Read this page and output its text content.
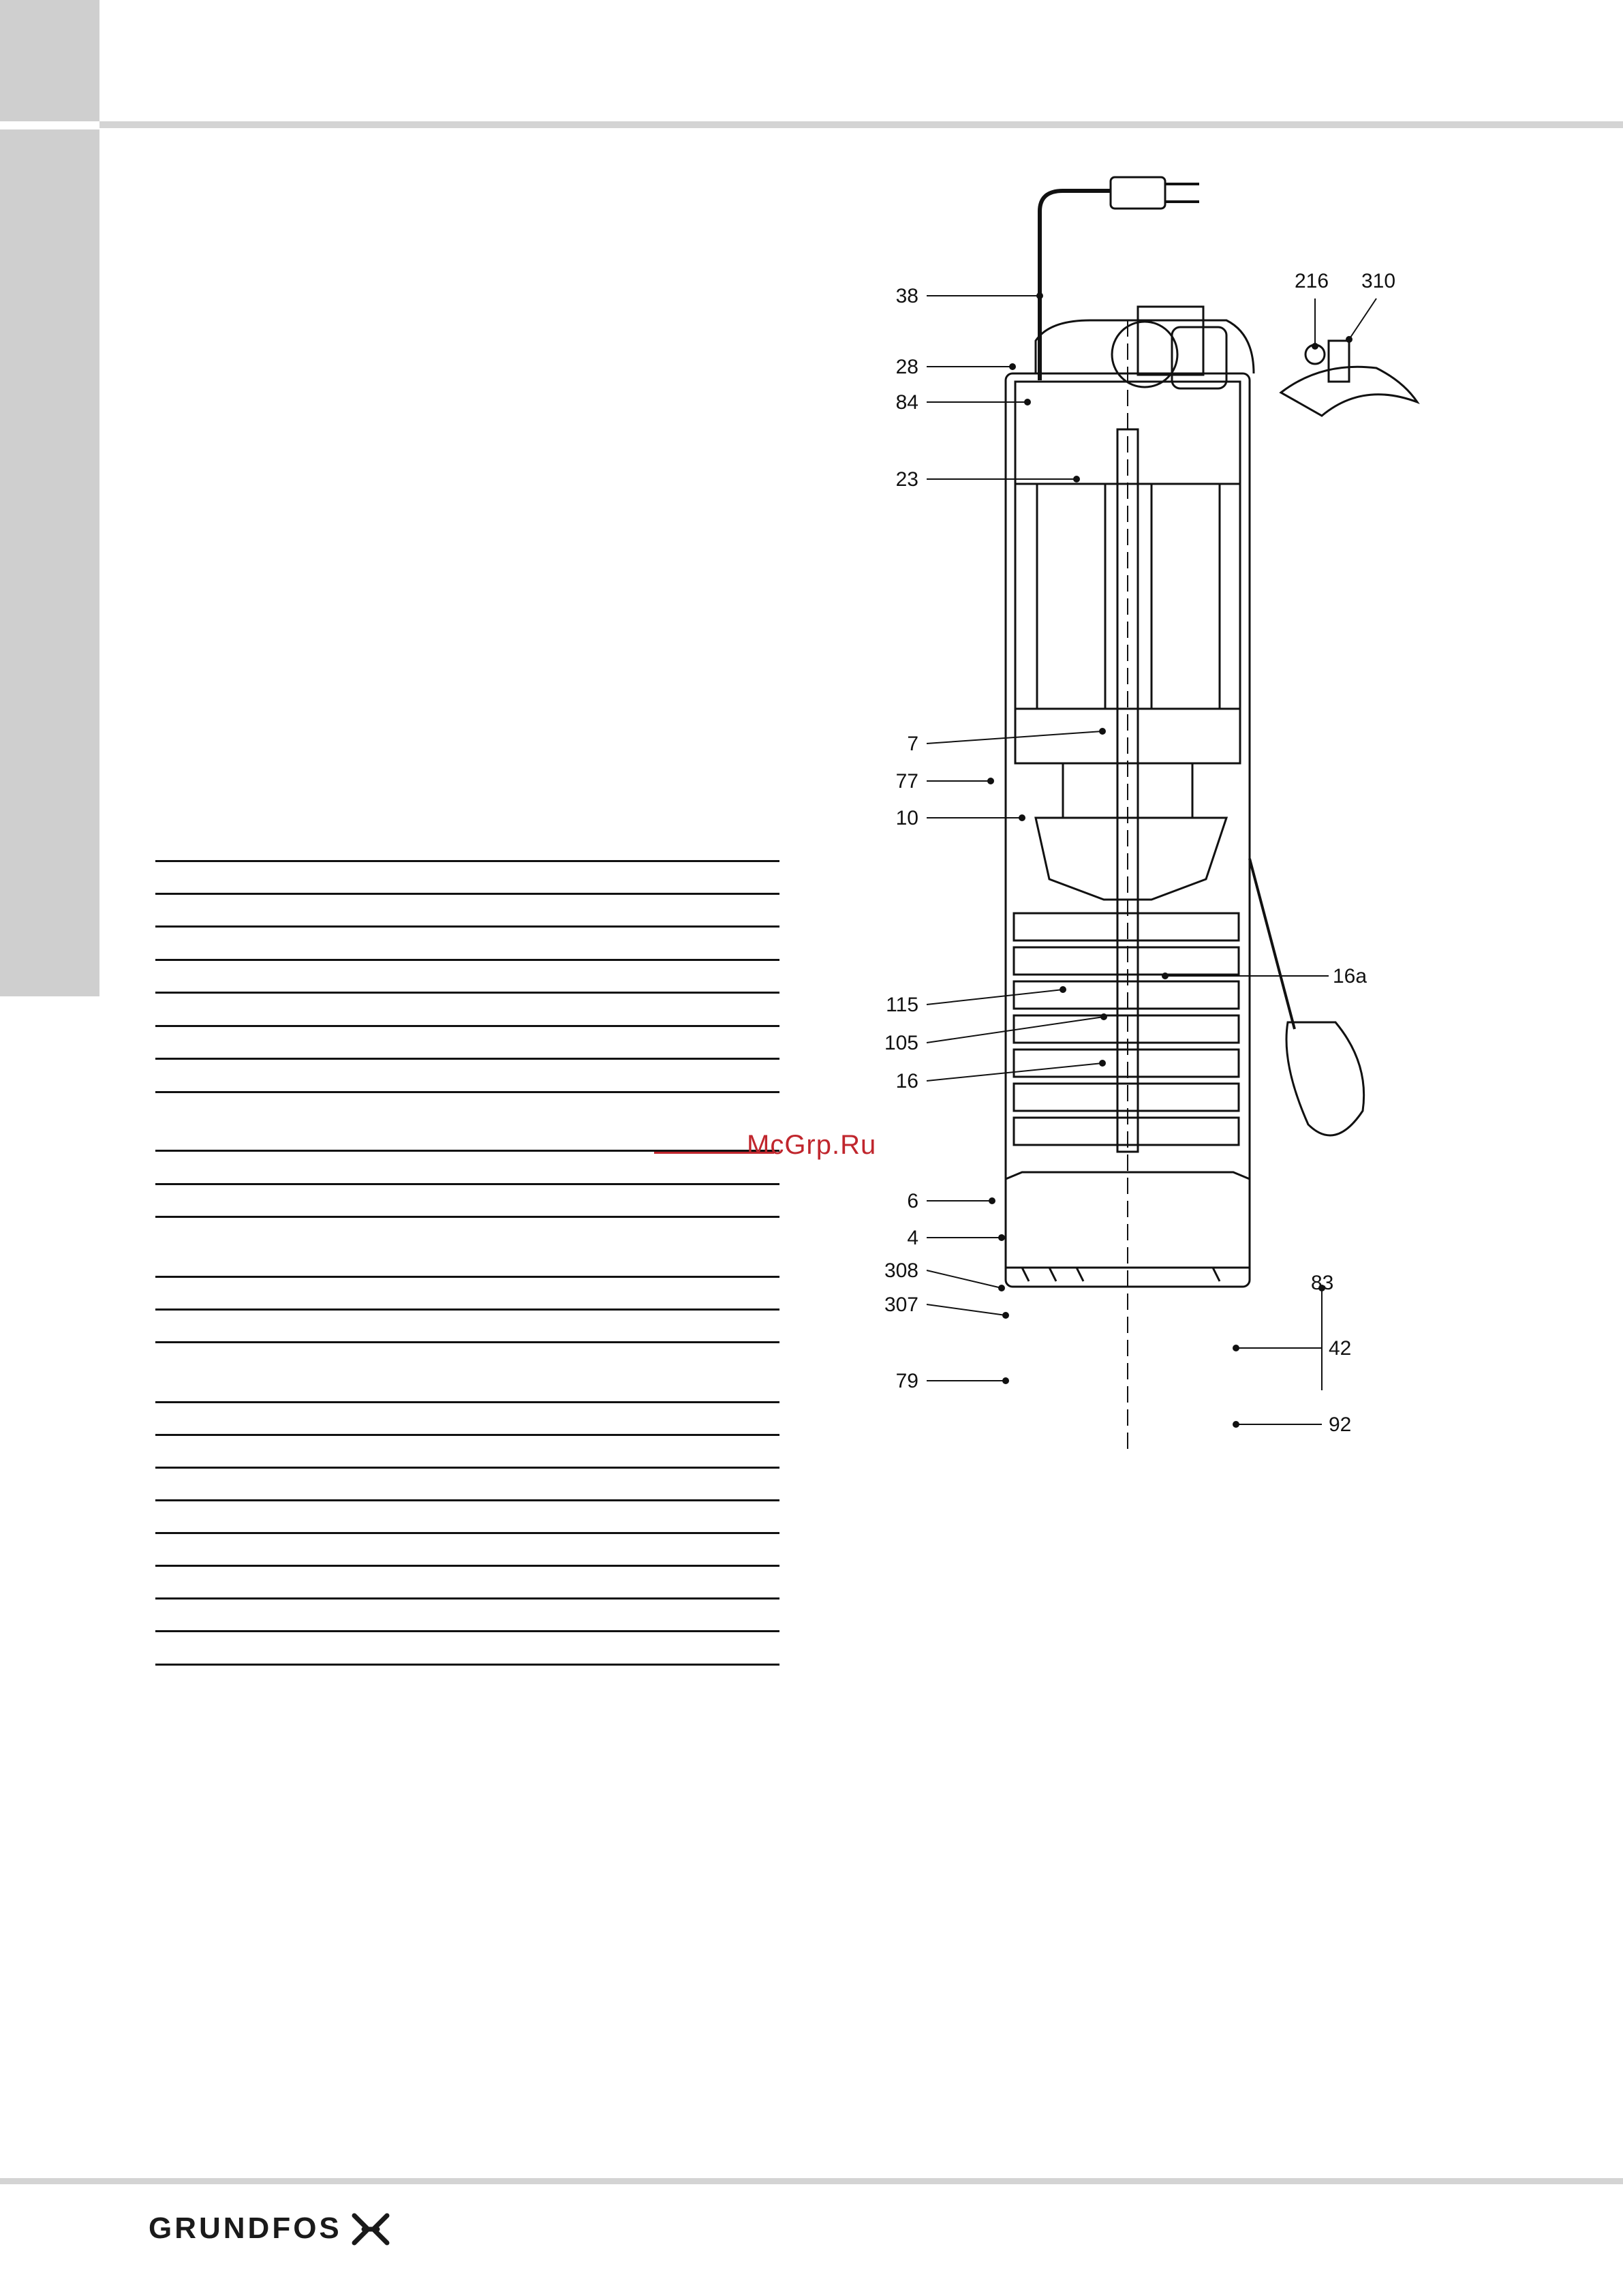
McGrp.Ru
38
28
84
23
7
77
10
115
105
16
6
4
308
307
79
216 310
16a
83
42
92
GRUNDFOS
